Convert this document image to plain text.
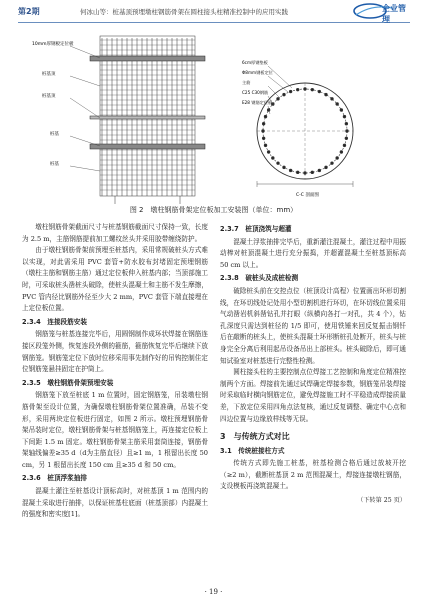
第2期	何冰山等：桩基顶预埋墩柱钢筋骨架在圆柱接头柱精准控制中的应用实践	企业管理
10mm厚钢板定位板
桩基顶
桩基顶
桩基
桩基
6cm厚钢垫板
Φ8mm钢板定位
主筋
C25 C30钢筋
E28 钢筋定位板
C-C 剖面图
图 2　墩柱钢筋骨架定位板加工安装图（单位：mm）

墩柱钢筋骨架截面尺寸与桩基钢筋截面尺寸保持一致，长度为 2.5 m，主筋钢筋提前加工螺纹丝头并采用胶带缠绕防护。

由于墩柱钢筋骨架前预埋至桩基内，采用常规破桩头方式难以实现，对此需采用 PVC 套管+防水胶布封堵固定预埋钢筋（墩柱主筋和钢筋主筋）通过定位板伸入桩基内部；当顶部施工时，可采取桩头凿桩头破除，使桩头混凝土和主筋不发生摩擦，PVC 管内径比钢筋外径至少大 2 mm，PVC 套管下端直接埋在上定位板位置。

2.3.4　连接段筋安装

钢筋笼与桩基连接完毕后，用圆钢制作成环状焊接在钢筋连接区段笼外侧，恢复连段外侧的箍筋，箍筋恢复完毕后继续下放钢筋笼。钢筋笼定位下放时位移采用事先制作好的吊钩控制住定位钢筋笼悬挂固定在护筒上。

2.3.5　墩柱钢筋骨架预埋安装

钢筋笼下放至桩底 1 m 位置时，固定钢筋笼，吊装墩柱钢筋骨架至设计位置，为确保墩柱钢筋骨架位置准确，吊装不变形，采用两块定位板进行固定，如图 2 所示。墩柱预埋钢筋骨架吊装时定位，墩柱钢筋骨架与桩基钢筋笼上，再连接定位板上下间距 1.5 m 固定。墩柱钢筋骨架主筋采用套筒连接，钢筋骨架轴线偏差≥35 d（d为主筋直径）且≥1 m，1 根留出长度 50 cm，另 1 根留出长度 150 cm 且≥35 d 和 50 cm。

2.3.6　桩顶浮浆抽排

混凝土灌注至桩基设计顶标高时，对桩基顶 1 m 范围内的混凝土采取进行抽排，以保证桩基柱底面（桩基顶部）内混凝土的强度和密实度[1]。

2.3.7　桩顶浇筑与超灌

混凝土浮浆抽排完毕后，重新灌注混凝土，灌注过程中用振动棒对桩顶混凝土进行充分振捣，并超灌混凝土至桩基顶标高 50 cm 以上。

2.3.8　破桩头及成桩检测

破除桩头前在交控点位（桩顶设计高程）位置画出环形切割线，在环切线处记处用小型切割机进行环切，在环切线位置采用气动凿岩机斜凿钻孔并打眼（纵横向各打一对孔，共 4 个），钻孔深度只需达到桩径的 1/5 即可，使用铁锤来回反复振击钢钎后在敲断的桩头上，使桩头混凝土环形断桩孔处断开，桩头与桩身完全分离后利用起吊设备吊出上部桩头。桩头破除后，即可通知试验室对桩基进行完整性检测。

圆柱接头柱的主要控制点位焊接工艺控制和角度定位精准控制两个方面。焊接前先通过试焊确定焊接参数，钢筋笼吊装焊接时采取临时横向钢筋定位，避免焊接施工时不平稳造成焊接质量差，下放定位采用四角点法复核，通过反复调整、确定中心点和四边位置与边缘放样线等无误。

3　与传统方式对比
3.1　传统桩接柱方式

传统方式即先施工桩基，桩基检测合格后通过放坡开挖（≥2 m），截断桩基顶 2 m 范围混凝土，焊接连接墩柱钢筋，支设模板再浇筑混凝土。

（下转第 25 页）
· 19 ·
